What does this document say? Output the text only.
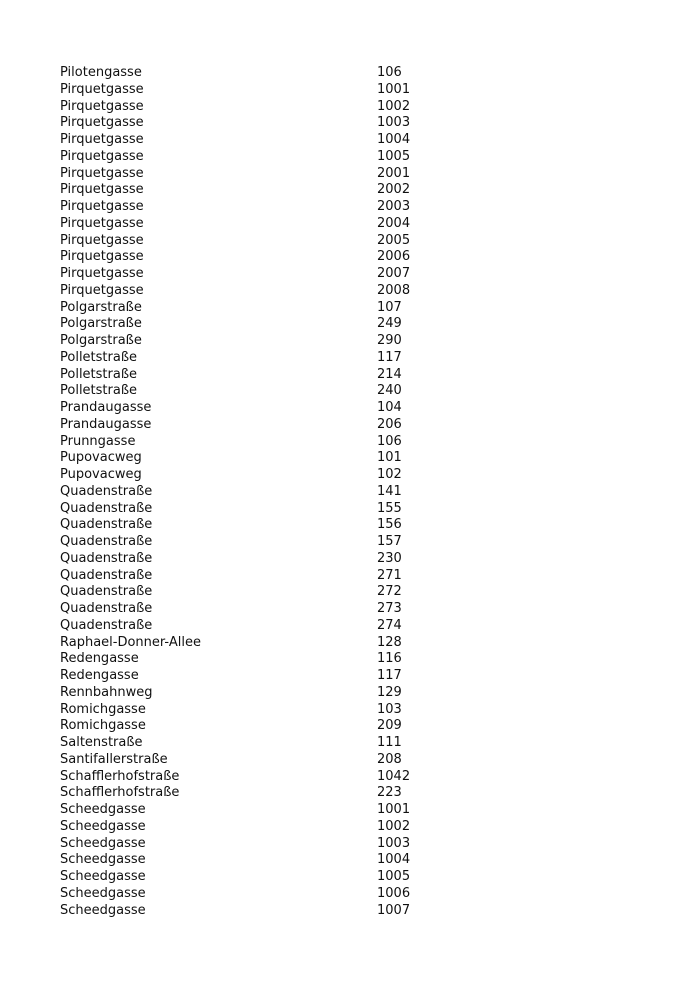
Pilotengasse	106
Pirquetgasse	1001
Pirquetgasse	1002
Pirquetgasse	1003
Pirquetgasse	1004
Pirquetgasse	1005
Pirquetgasse	2001
Pirquetgasse	2002
Pirquetgasse	2003
Pirquetgasse	2004
Pirquetgasse	2005
Pirquetgasse	2006
Pirquetgasse	2007
Pirquetgasse	2008
Polgarstraße	107
Polgarstraße	249
Polgarstraße	290
Polletstraße	117
Polletstraße	214
Polletstraße	240
Prandaugasse	104
Prandaugasse	206
Prunngasse	106
Pupovacweg	101
Pupovacweg	102
Quadenstraße	141
Quadenstraße	155
Quadenstraße	156
Quadenstraße	157
Quadenstraße	230
Quadenstraße	271
Quadenstraße	272
Quadenstraße	273
Quadenstraße	274
Raphael-Donner-Allee	128
Redengasse	116
Redengasse	117
Rennbahnweg	129
Romichgasse	103
Romichgasse	209
Saltenstraße	111
Santifallerstraße	208
Schafflerhofstraße	1042
Schafflerhofstraße	223
Scheedgasse	1001
Scheedgasse	1002
Scheedgasse	1003
Scheedgasse	1004
Scheedgasse	1005
Scheedgasse	1006
Scheedgasse	1007
